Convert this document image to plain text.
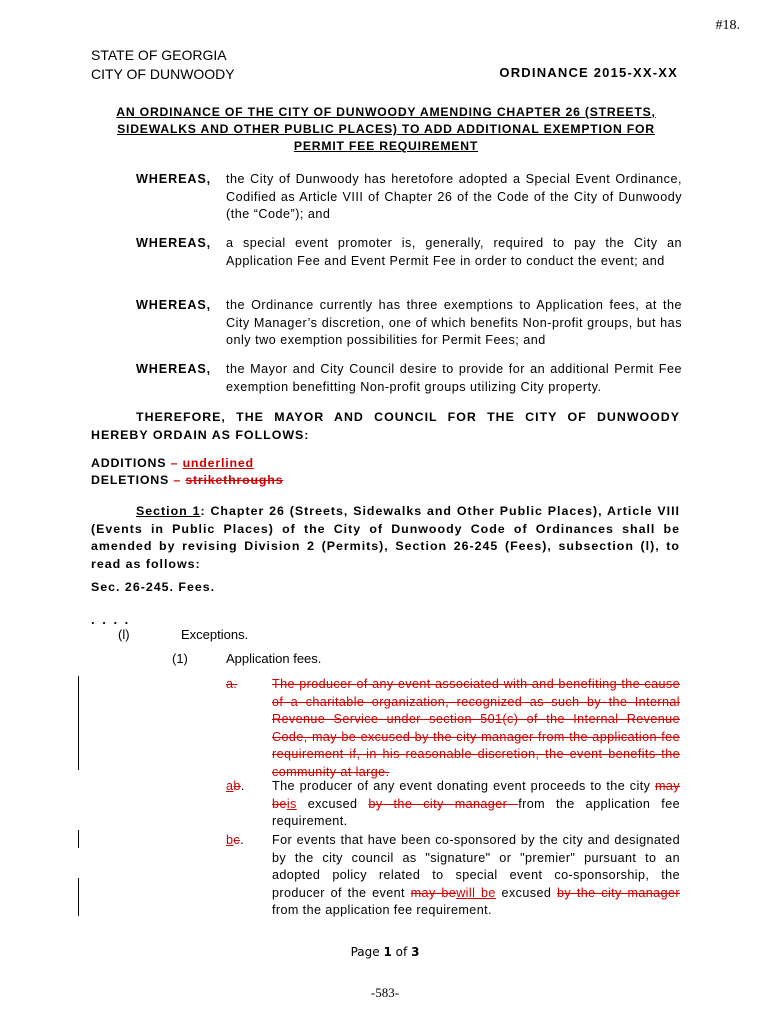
#18.
STATE OF GEORGIA
CITY OF DUNWOODY	ORDINANCE 2015-XX-XX
AN ORDINANCE OF THE CITY OF DUNWOODY AMENDING CHAPTER 26 (STREETS,
SIDEWALKS AND OTHER PUBLIC PLACES) TO ADD ADDITIONAL EXEMPTION FOR
PERMIT FEE REQUIREMENT
WHEREAS,	the City of Dunwoody has heretofore adopted a Special Event Ordinance, Codified as Article VIII of Chapter 26 of the Code of the City of Dunwoody (the “Code”); and
WHEREAS,	a special event promoter is, generally, required to pay the City an Application Fee and Event Permit Fee in order to conduct the event; and
WHEREAS,	the Ordinance currently has three exemptions to Application fees, at the City Manager’s discretion, one of which benefits Non-profit groups, but has only two exemption possibilities for Permit Fees; and
WHEREAS,	the Mayor and City Council desire to provide for an additional Permit Fee exemption benefitting Non-profit groups utilizing City property.
THEREFORE, THE MAYOR AND COUNCIL FOR THE CITY OF DUNWOODY HEREBY ORDAIN AS FOLLOWS:
ADDITIONS – underlined
DELETIONS – strikethroughs
Section 1: Chapter 26 (Streets, Sidewalks and Other Public Places), Article VIII (Events in Public Places) of the City of Dunwoody Code of Ordinances shall be amended by revising Division 2 (Permits), Section 26-245 (Fees), subsection (l), to read as follows:
Sec. 26-245. Fees.
. . . .
(l)	Exceptions.
(1)	Application fees.
a.	The producer of any event associated with and benefiting the cause of a charitable organization, recognized as such by the Internal Revenue Service under section 501(c) of the Internal Revenue Code, may be excused by the city manager from the application fee requirement if, in his reasonable discretion, the event benefits the community at large.
ab.	The producer of any event donating event proceeds to the city may beis excused by the city manager from the application fee requirement.
bc.	For events that have been co-sponsored by the city and designated by the city council as "signature" or "premier" pursuant to an adopted policy related to special event co-sponsorship, the producer of the event may bewill be excused by the city manager from the application fee requirement.
Page 1 of 3
-583-
